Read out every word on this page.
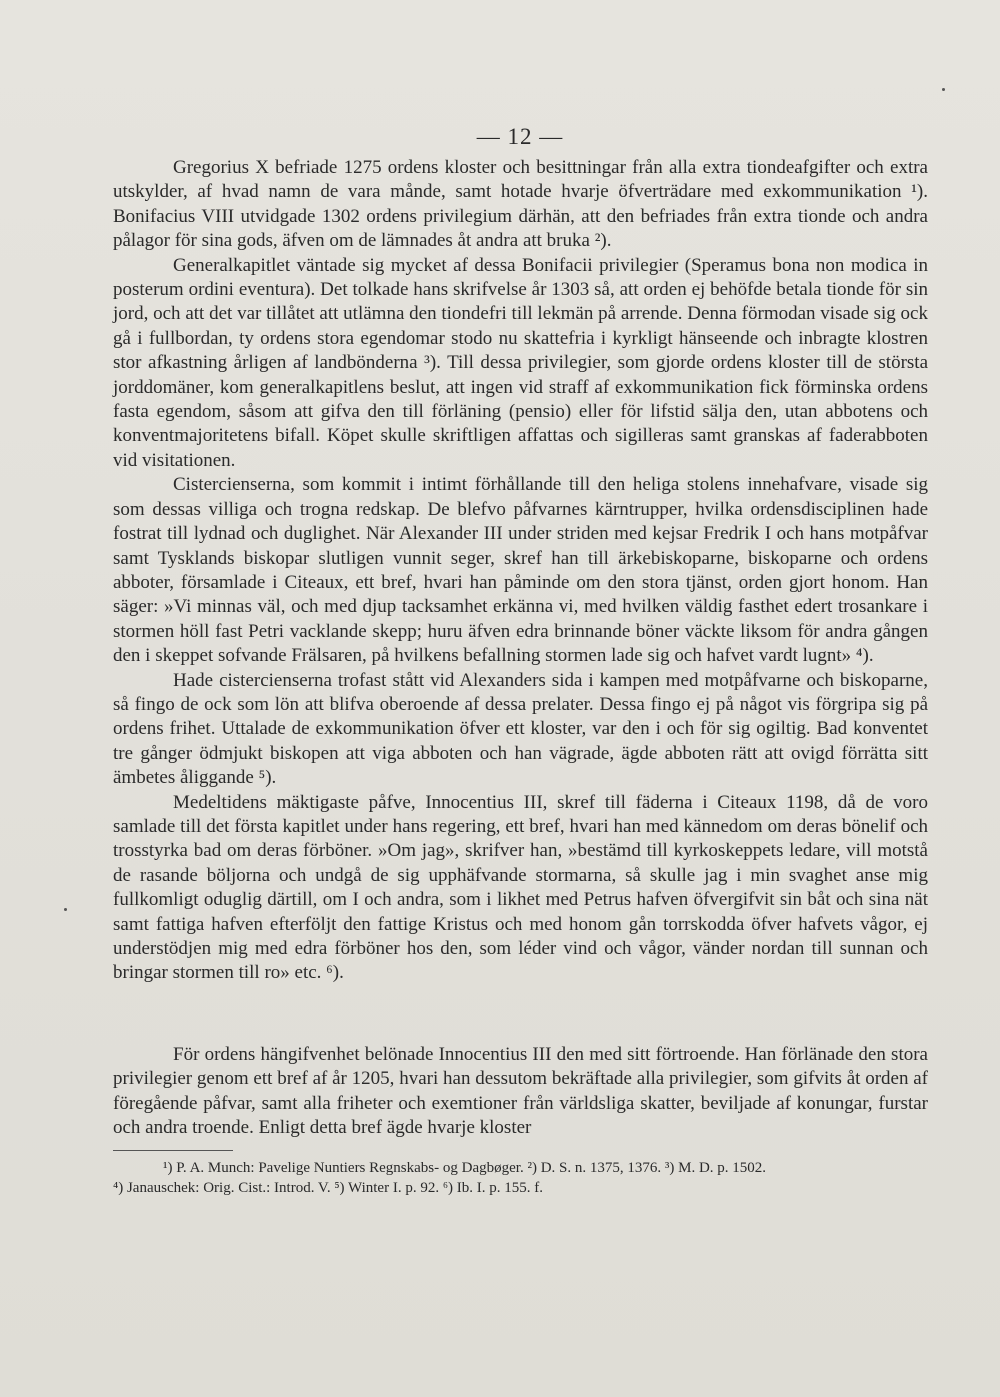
— 12 —

Gregorius X befriade 1275 ordens kloster och besittningar från alla extra tiondeafgifter och extra utskylder, af hvad namn de vara månde, samt hotade hvarje öfverträdare med exkommunikation ¹). Bonifacius VIII utvidgade 1302 ordens privilegium därhän, att den befriades från extra tionde och andra pålagor för sina gods, äfven om de lämnades åt andra att bruka ²).

Generalkapitlet väntade sig mycket af dessa Bonifacii privilegier (Speramus bona non modica in posterum ordini eventura). Det tolkade hans skrifvelse år 1303 så, att orden ej behöfde betala tionde för sin jord, och att det var tillåtet att utlämna den tiondefri till lekmän på arrende. Denna förmodan visade sig ock gå i fullbordan, ty ordens stora egendomar stodo nu skattefria i kyrkligt hänseende och inbragte klostren stor afkastning årligen af landbönderna ³). Till dessa privilegier, som gjorde ordens kloster till de största jorddomäner, kom generalkapitlens beslut, att ingen vid straff af exkommunikation fick förminska ordens fasta egendom, såsom att gifva den till förläning (pensio) eller för lifstid sälja den, utan abbotens och konventmajoritetens bifall. Köpet skulle skriftligen affattas och sigilleras samt granskas af faderabboten vid visitationen.

Cistercienserna, som kommit i intimt förhållande till den heliga stolens innehafvare, visade sig som dessas villiga och trogna redskap. De blefvo påfvarnes kärntrupper, hvilka ordensdisciplinen hade fostrat till lydnad och duglighet. När Alexander III under striden med kejsar Fredrik I och hans motpåfvar samt Tysklands biskopar slutligen vunnit seger, skref han till ärkebiskoparne, biskoparne och ordens abboter, församlade i Citeaux, ett bref, hvari han påminde om den stora tjänst, orden gjort honom. Han säger: »Vi minnas väl, och med djup tacksamhet erkänna vi, med hvilken väldig fasthet edert trosankare i stormen höll fast Petri vacklande skepp; huru äfven edra brinnande böner väckte liksom för andra gången den i skeppet sofvande Frälsaren, på hvilkens befallning stormen lade sig och hafvet vardt lugnt» ⁴).

Hade cistercienserna trofast stått vid Alexanders sida i kampen med motpåfvarne och biskoparne, så fingo de ock som lön att blifva oberoende af dessa prelater. Dessa fingo ej på något vis förgripa sig på ordens frihet. Uttalade de exkommunikation öfver ett kloster, var den i och för sig ogiltig. Bad konventet tre gånger ödmjukt biskopen att viga abboten och han vägrade, ägde abboten rätt att ovigd förrätta sitt ämbetes åliggande ⁵).

Medeltidens mäktigaste påfve, Innocentius III, skref till fäderna i Citeaux 1198, då de voro samlade till det första kapitlet under hans regering, ett bref, hvari han med kännedom om deras bönelif och trosstyrka bad om deras förböner. »Om jag», skrifver han, »bestämd till kyrkoskeppets ledare, vill motstå de rasande böljorna och undgå de sig upphäfvande stormarna, så skulle jag i min svaghet anse mig fullkomligt oduglig därtill, om I och andra, som i likhet med Petrus hafven öfvergifvit sin båt och sina nät samt fattiga hafven efterföljt den fattige Kristus och med honom gån torrskodda öfver hafvets vågor, ej understödjen mig med edra förböner hos den, som léder vind och vågor, vänder nordan till sunnan och bringar stormen till ro» etc. ⁶).

För ordens hängifvenhet belönade Innocentius III den med sitt förtroende. Han förlänade den stora privilegier genom ett bref af år 1205, hvari han dessutom bekräftade alla privilegier, som gifvits åt orden af föregående påfvar, samt alla friheter och exemtioner från världsliga skatter, beviljade af konungar, furstar och andra troende. Enligt detta bref ägde hvarje kloster

¹) P. A. Munch: Pavelige Nuntiers Regnskabs- og Dagbøger. ²) D. S. n. 1375, 1376. ³) M. D. p. 1502.

⁴) Janauschek: Orig. Cist.: Introd. V. ⁵) Winter I. p. 92. ⁶) Ib. I. p. 155. f.
